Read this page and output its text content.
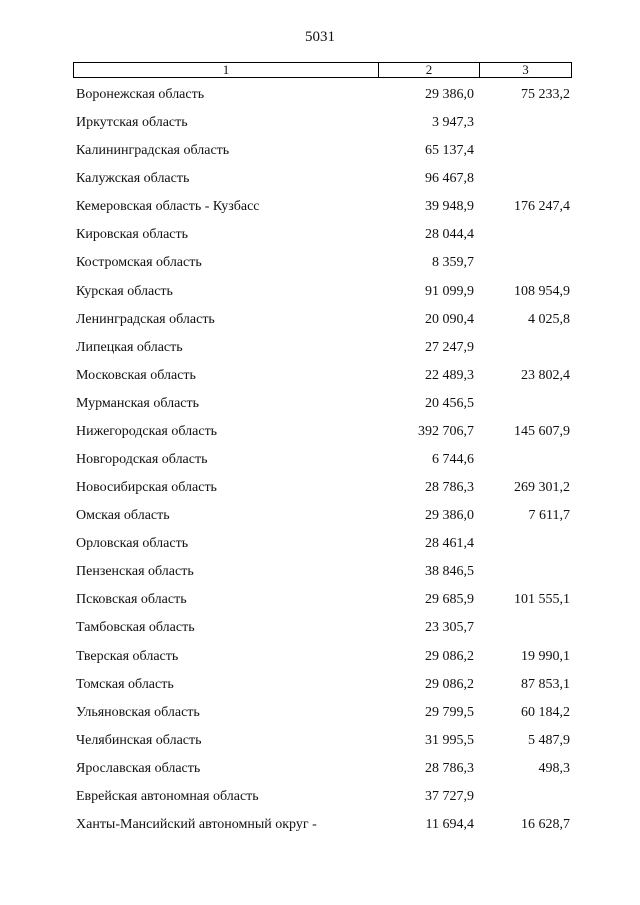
5031
1	2	3
Воронежская область	29 386,0	75 233,2
Иркутская область	3 947,3
Калининградская область	65 137,4
Калужская область	96 467,8
Кемеровская область - Кузбасс	39 948,9	176 247,4
Кировская область	28 044,4
Костромская область	8 359,7
Курская область	91 099,9	108 954,9
Ленинградская область	20 090,4	4 025,8
Липецкая область	27 247,9
Московская область	22 489,3	23 802,4
Мурманская область	20 456,5
Нижегородская область	392 706,7	145 607,9
Новгородская область	6 744,6
Новосибирская область	28 786,3	269 301,2
Омская область	29 386,0	7 611,7
Орловская область	28 461,4
Пензенская область	38 846,5
Псковская область	29 685,9	101 555,1
Тамбовская область	23 305,7
Тверская область	29 086,2	19 990,1
Томская область	29 086,2	87 853,1
Ульяновская область	29 799,5	60 184,2
Челябинская область	31 995,5	5 487,9
Ярославская область	28 786,3	498,3
Еврейская автономная область	37 727,9
Ханты-Мансийский автономный округ -	11 694,4	16 628,7
